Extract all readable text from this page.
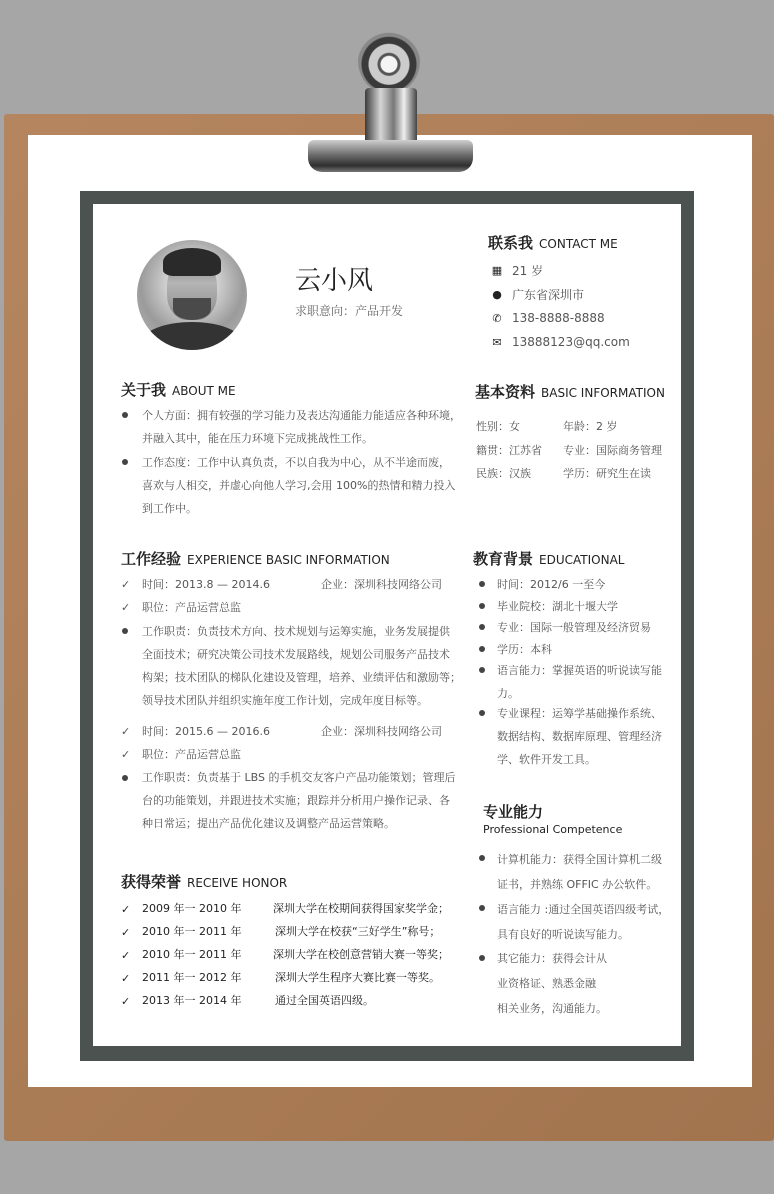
云小风
求职意向：产品开发
联系我 CONTACT ME
▦ 21 岁
● 广东省深圳市
✆ 138-8888-8888
✉ 13888123@qq.com
基本资料 BASIC INFORMATION
性别：女	年龄：2 岁
籍贯：江苏省 专业：国际商务管理
民族：汉族	学历：研究生在读
关于我 ABOUT ME
个人方面：拥有较强的学习能力及表达沟通能力能适应各种环境，
并融入其中，能在压力环境下完成挑战性工作。
工作态度：工作中认真负责，不以自我为中心，从不半途而废，
喜欢与人相交，并虚心向他人学习,会用 100%的热情和精力投入
到工作中。
工作经验 EXPERIENCE BASIC INFORMATION
✓ 时间：2013.8 — 2014.6	企业：深圳科技网络公司
✓ 职位：产品运营总监
工作职责：负责技术方向、技术规划与运筹实施，业务发展提供
全面技术；研究决策公司技术发展路线，规划公司服务产品技术
构架；技术团队的梯队化建设及管理，培养、业绩评估和激励等；
领导技术团队并组织实施年度工作计划，完成年度目标等。
✓ 时间：2015.6 — 2016.6	企业：深圳科技网络公司
✓ 职位：产品运营总监
工作职责：负责基于 LBS 的手机交友客户产品功能策划；管理后
台的功能策划，并跟进技术实施；跟踪并分析用户操作记录、各
种日常运；提出产品优化建议及调整产品运营策略。
获得荣誉 RECEIVE HONOR
✓ 2009 年一 2010 年	深圳大学在校期间获得国家奖学金；
✓ 2010 年一 2011 年	深圳大学在校获“三好学生”称号；
✓ 2010 年一 2011 年	深圳大学在校创意营销大赛一等奖；
✓ 2011 年一 2012 年	深圳大学生程序大赛比赛一等奖。
✓ 2013 年一 2014 年	通过全国英语四级。
教育背景 EDUCATIONAL
时间：2012/6 一至今
毕业院校：湖北十堰大学
专业：国际一般管理及经济贸易
学历：本科
语言能力：掌握英语的听说读写能
力。
专业课程：运筹学基础操作系统、
数据结构、数据库原理、管理经济
学、软件开发工具。
专业能力
Professional Competence
计算机能力：获得全国计算机二级
证书，并熟练 OFFIC 办公软件。
语言能力 :通过全国英语四级考试，
具有良好的听说读写能力。
其它能力：获得会计从
业资格证、熟悉金融
相关业务，沟通能力。
